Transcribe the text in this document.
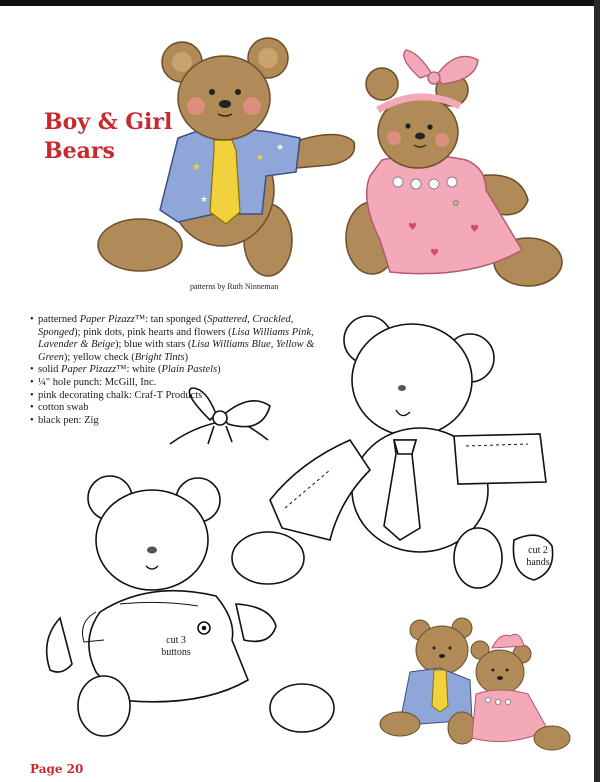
Boy & Girl
Bears
★
★
★
★
♥	♥
♥
✿
patterns by Ruth Ninneman
• patterned Paper Pizazz™: tan sponged (Spattered, Crackled, Sponged); pink dots, pink hearts and flowers (Lisa Williams Pink, Lavender & Beige); blue with stars (Lisa Williams Blue, Yellow & Green); yellow check (Bright Tints)
• solid Paper Pizazz™: white (Plain Pastels)
• ¼" hole punch: McGill, Inc.
• pink decorating chalk: Craf-T Products
• cotton swab
• black pen: Zig
cut 2 hands
cut 3 buttons
Page 20
